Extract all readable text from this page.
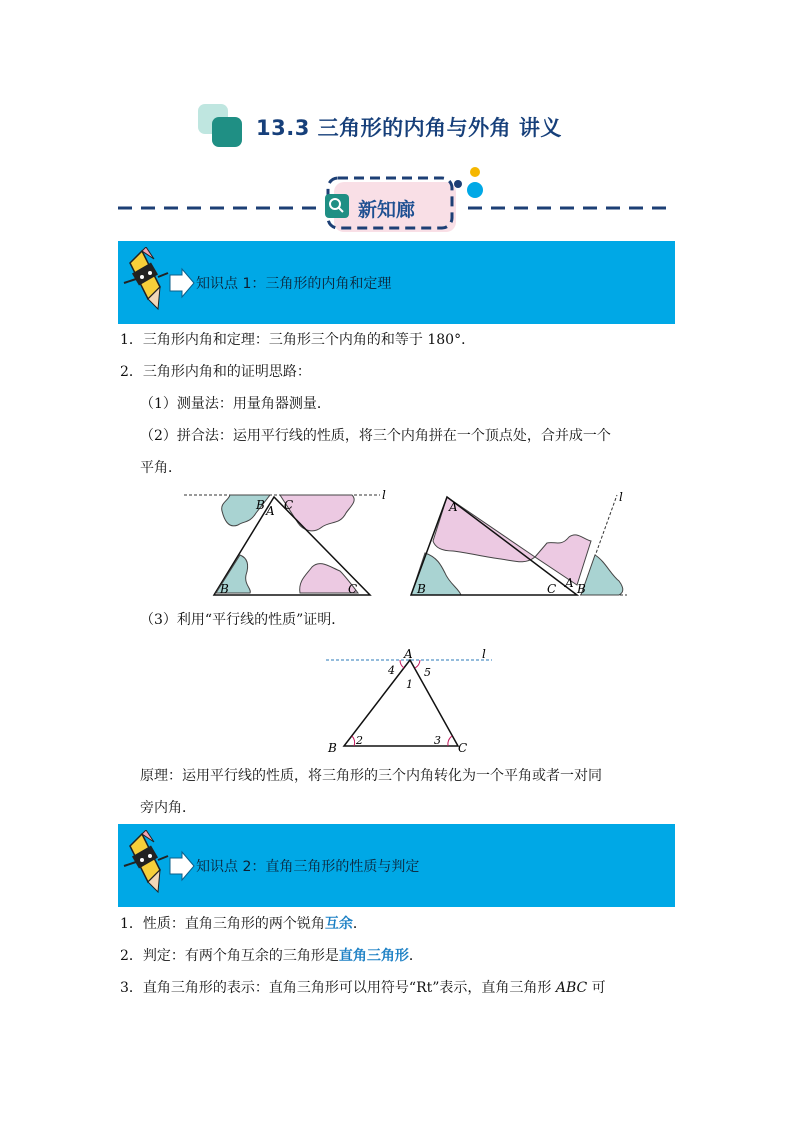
13.3 三角形的内角与外角 讲义
新知廊
知识点 1：三角形的内角和定理
1．三角形内角和定理：三角形三个内角的和等于 180°．
2．三角形内角和的证明思路：
（1）测量法：用量角器测量．
（2）拼合法：运用平行线的性质，将三个内角拼在一个顶点处，合并成一个
平角．
B A C
B	C
l
A
B	C A B
l
（3）利用“平行线的性质”证明．
A	l
4	5
1
2	3
B	C
原理：运用平行线的性质，将三角形的三个内角转化为一个平角或者一对同
旁内角．
知识点 2：直角三角形的性质与判定
1．性质：直角三角形的两个锐角互余．
2．判定：有两个角互余的三角形是直角三角形．
3．直角三角形的表示：直角三角形可以用符号“Rt”表示，直角三角形 ABC 可
